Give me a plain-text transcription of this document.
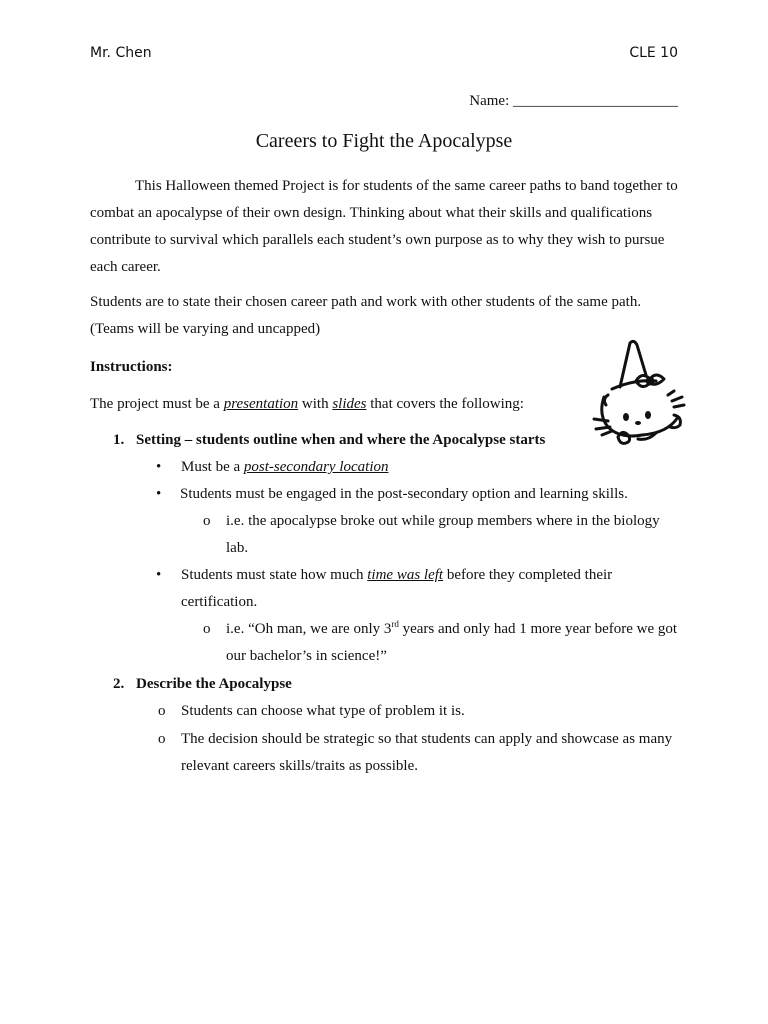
Mr. Chen	CLE 10
Name: ______________________
Careers to Fight the Apocalypse
This Halloween themed Project is for students of the same career paths to band together to combat an apocalypse of their own design. Thinking about what their skills and qualifications contribute to survival which parallels each student’s own purpose as to why they wish to pursue each career.
Students are to state their chosen career path and work with other students of the same path. (Teams will be varying and uncapped)
Instructions:
The project must be a presentation with slides that covers the following:
1. Setting – students outline when and where the Apocalypse starts
• Must be a post-secondary location
• Students must be engaged in the post-secondary option and learning skills.
o i.e. the apocalypse broke out while group members where in the biology lab.
• Students must state how much time was left before they completed their certification.
o i.e. “Oh man, we are only 3rd years and only had 1 more year before we got our bachelor’s in science!”
2. Describe the Apocalypse
o Students can choose what type of problem it is.
o The decision should be strategic so that students can apply and showcase as many relevant careers skills/traits as possible.
